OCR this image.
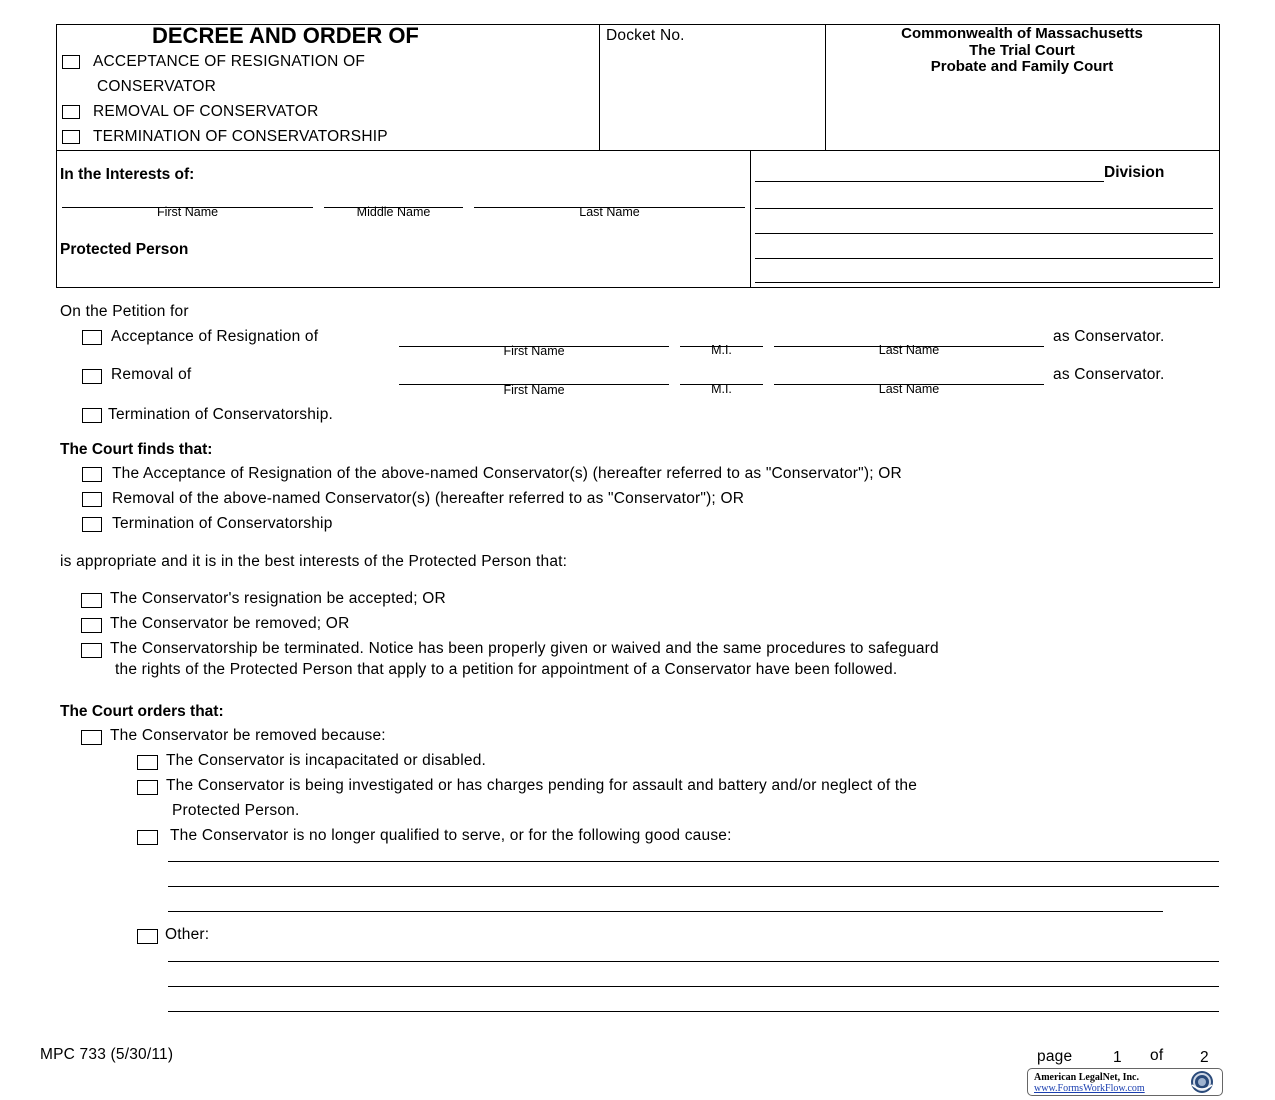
DECREE AND ORDER OF
ACCEPTANCE OF RESIGNATION OF
CONSERVATOR
REMOVAL OF CONSERVATOR
TERMINATION OF CONSERVATORSHIP
Docket No.	Commonwealth of Massachusetts
The Trial Court
Probate and Family Court
In the Interests of:
First Name	Middle Name	Last Name
Protected Person
Division
On the Petition for
Acceptance of Resignation of
First Name	M.I.	Last Name
as Conservator.
Removal of
First Name	M.I.	Last Name
as Conservator.
Termination of Conservatorship.
The Court finds that:
The Acceptance of Resignation of the above-named Conservator(s) (hereafter referred to as "Conservator"); OR
Removal of the above-named Conservator(s) (hereafter referred to as "Conservator"); OR
Termination of Conservatorship
is appropriate and it is in the best interests of the Protected Person that:
The Conservator's resignation be accepted; OR
The Conservator be removed; OR
The Conservatorship be terminated. Notice has been properly given or waived and the same procedures to safeguard
the rights of the Protected Person that apply to a petition for appointment of a Conservator have been followed.
The Court orders that:
The Conservator be removed because:
The Conservator is incapacitated or disabled.
The Conservator is being investigated or has charges pending for assault and battery and/or neglect of the
Protected Person.
The Conservator is no longer qualified to serve, or for the following good cause:
Other:
MPC 733 (5/30/11)	page	1 of 2
American LegalNet, Inc.
www.FormsWorkFlow.com
